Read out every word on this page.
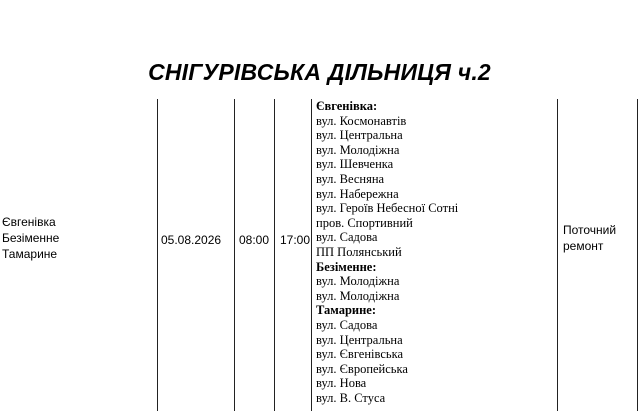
СНІГУРІВСЬКА ДІЛЬНИЦЯ ч.2
Євгенівка
Безіменне
Тамарине
05.08.2026 08:00 17:00
Євгенівка:
вул. Космонавтів
вул. Центральна
вул. Молодіжна
вул. Шевченка
вул. Весняна
вул. Набережна
вул. Героїв Небесної Сотні
пров. Спортивний
вул. Садова
ПП Полянський
Безіменне:
вул. Молодіжна
вул. Молодіжна
Тамарине:
вул. Садова
вул. Центральна
вул. Євгенівська
вул. Європейська
вул. Нова
вул. В. Стуса
Поточний
ремонт
